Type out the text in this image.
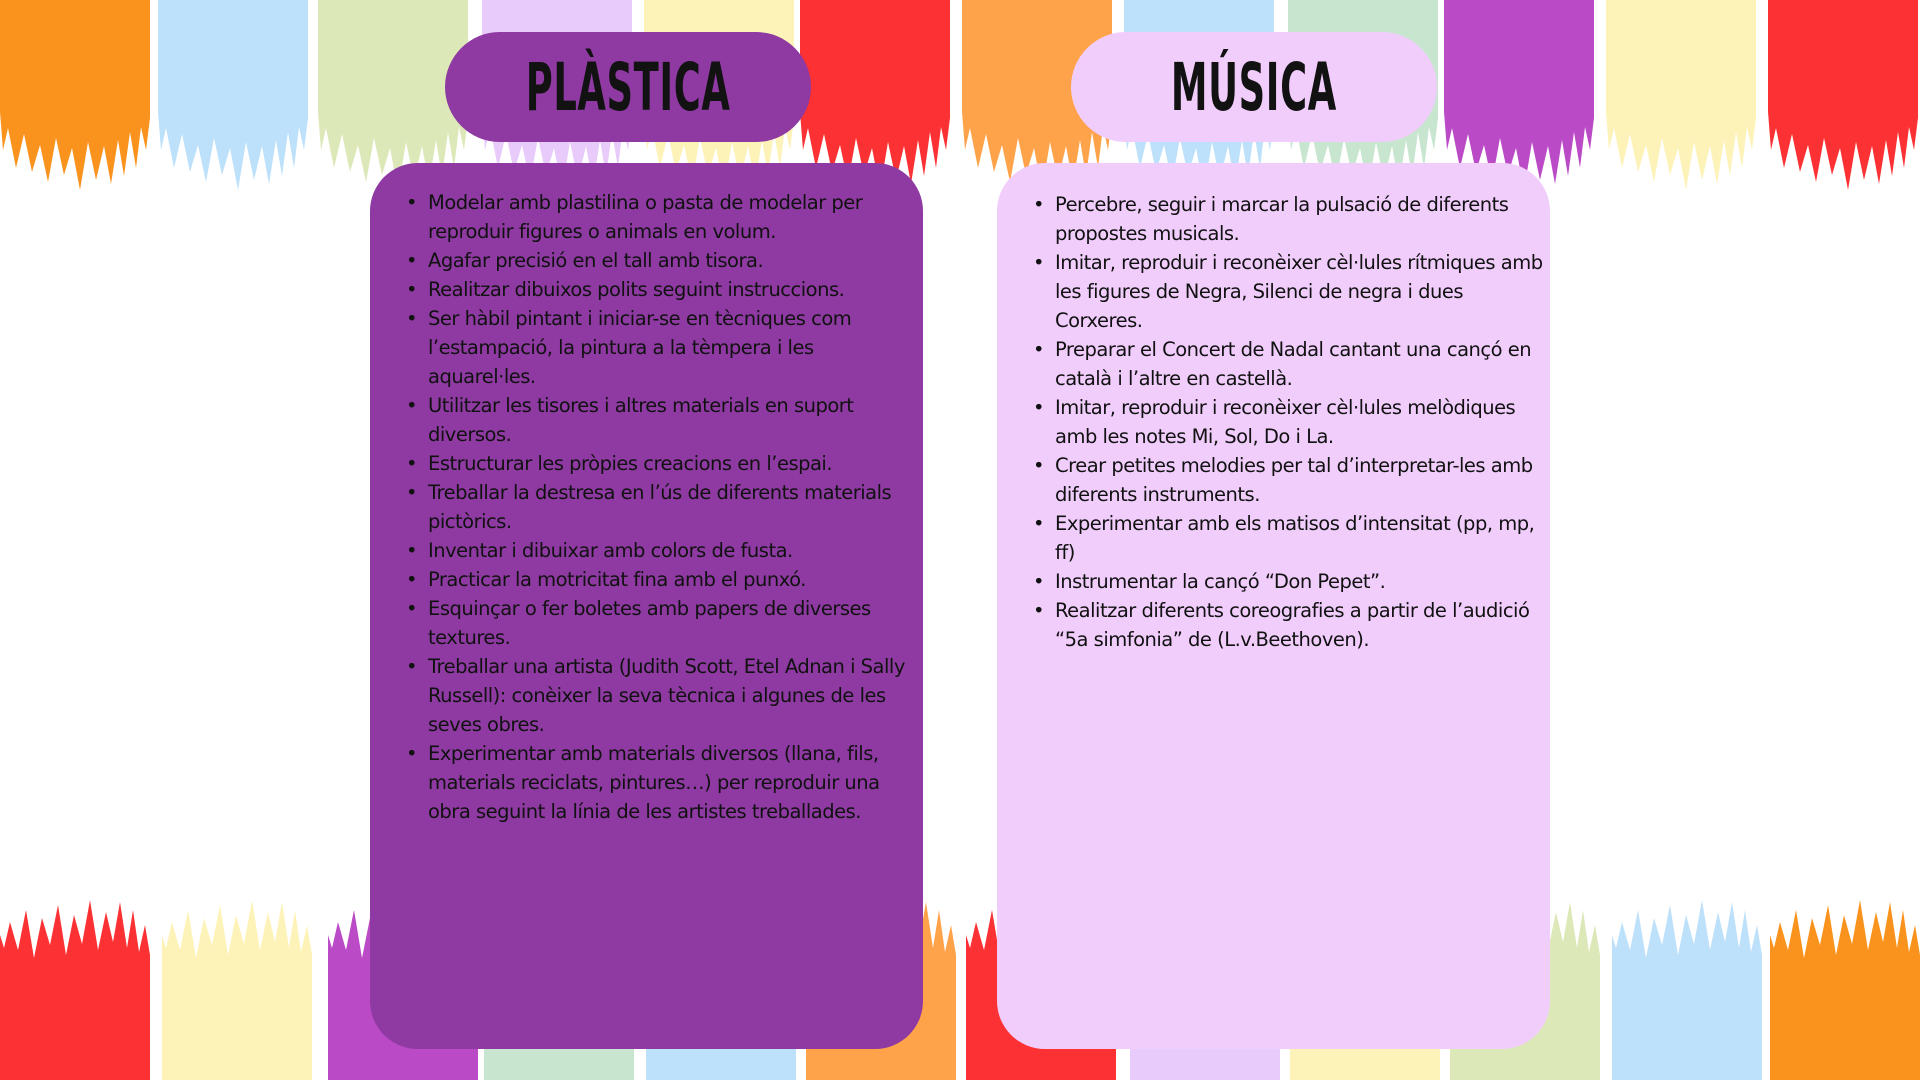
PLÀSTICA	MÚSICA
• Modelar amb plastilina o pasta de modelar per reproduir figures o animals en volum.
• Agafar precisió en el tall amb tisora.
• Realitzar dibuixos polits seguint instruccions.
• Ser hàbil pintant i iniciar-se en tècniques com l’estampació, la pintura a la tèmpera i les aquarel·les.
• Utilitzar les tisores i altres materials en suport diversos.
• Estructurar les pròpies creacions en l’espai.
• Treballar la destresa en l’ús de diferents materials pictòrics.
• Inventar i dibuixar amb colors de fusta.
• Practicar la motricitat fina amb el punxó.
• Esquinçar o fer boletes amb papers de diverses textures.
• Treballar una artista (Judith Scott, Etel Adnan i Sally Russell): conèixer la seva tècnica i algunes de les seves obres.
• Experimentar amb materials diversos (llana, fils, materials reciclats, pintures…) per reproduir una obra seguint la línia de les artistes treballades.
• Percebre, seguir i marcar la pulsació de diferents propostes musicals.
• Imitar, reproduir i reconèixer cèl·lules rítmiques amb les figures de Negra, Silenci de negra i dues Corxeres.
• Preparar el Concert de Nadal cantant una cançó en català i l’altre en castellà.
• Imitar, reproduir i reconèixer cèl·lules melòdiques amb les notes Mi, Sol, Do i La.
• Crear petites melodies per tal d’interpretar-les amb diferents instruments.
• Experimentar amb els matisos d’intensitat (pp, mp, ff)
• Instrumentar la cançó “Don Pepet”.
• Realitzar diferents coreografies a partir de l’audició “5a simfonia” de (L.v.Beethoven).
